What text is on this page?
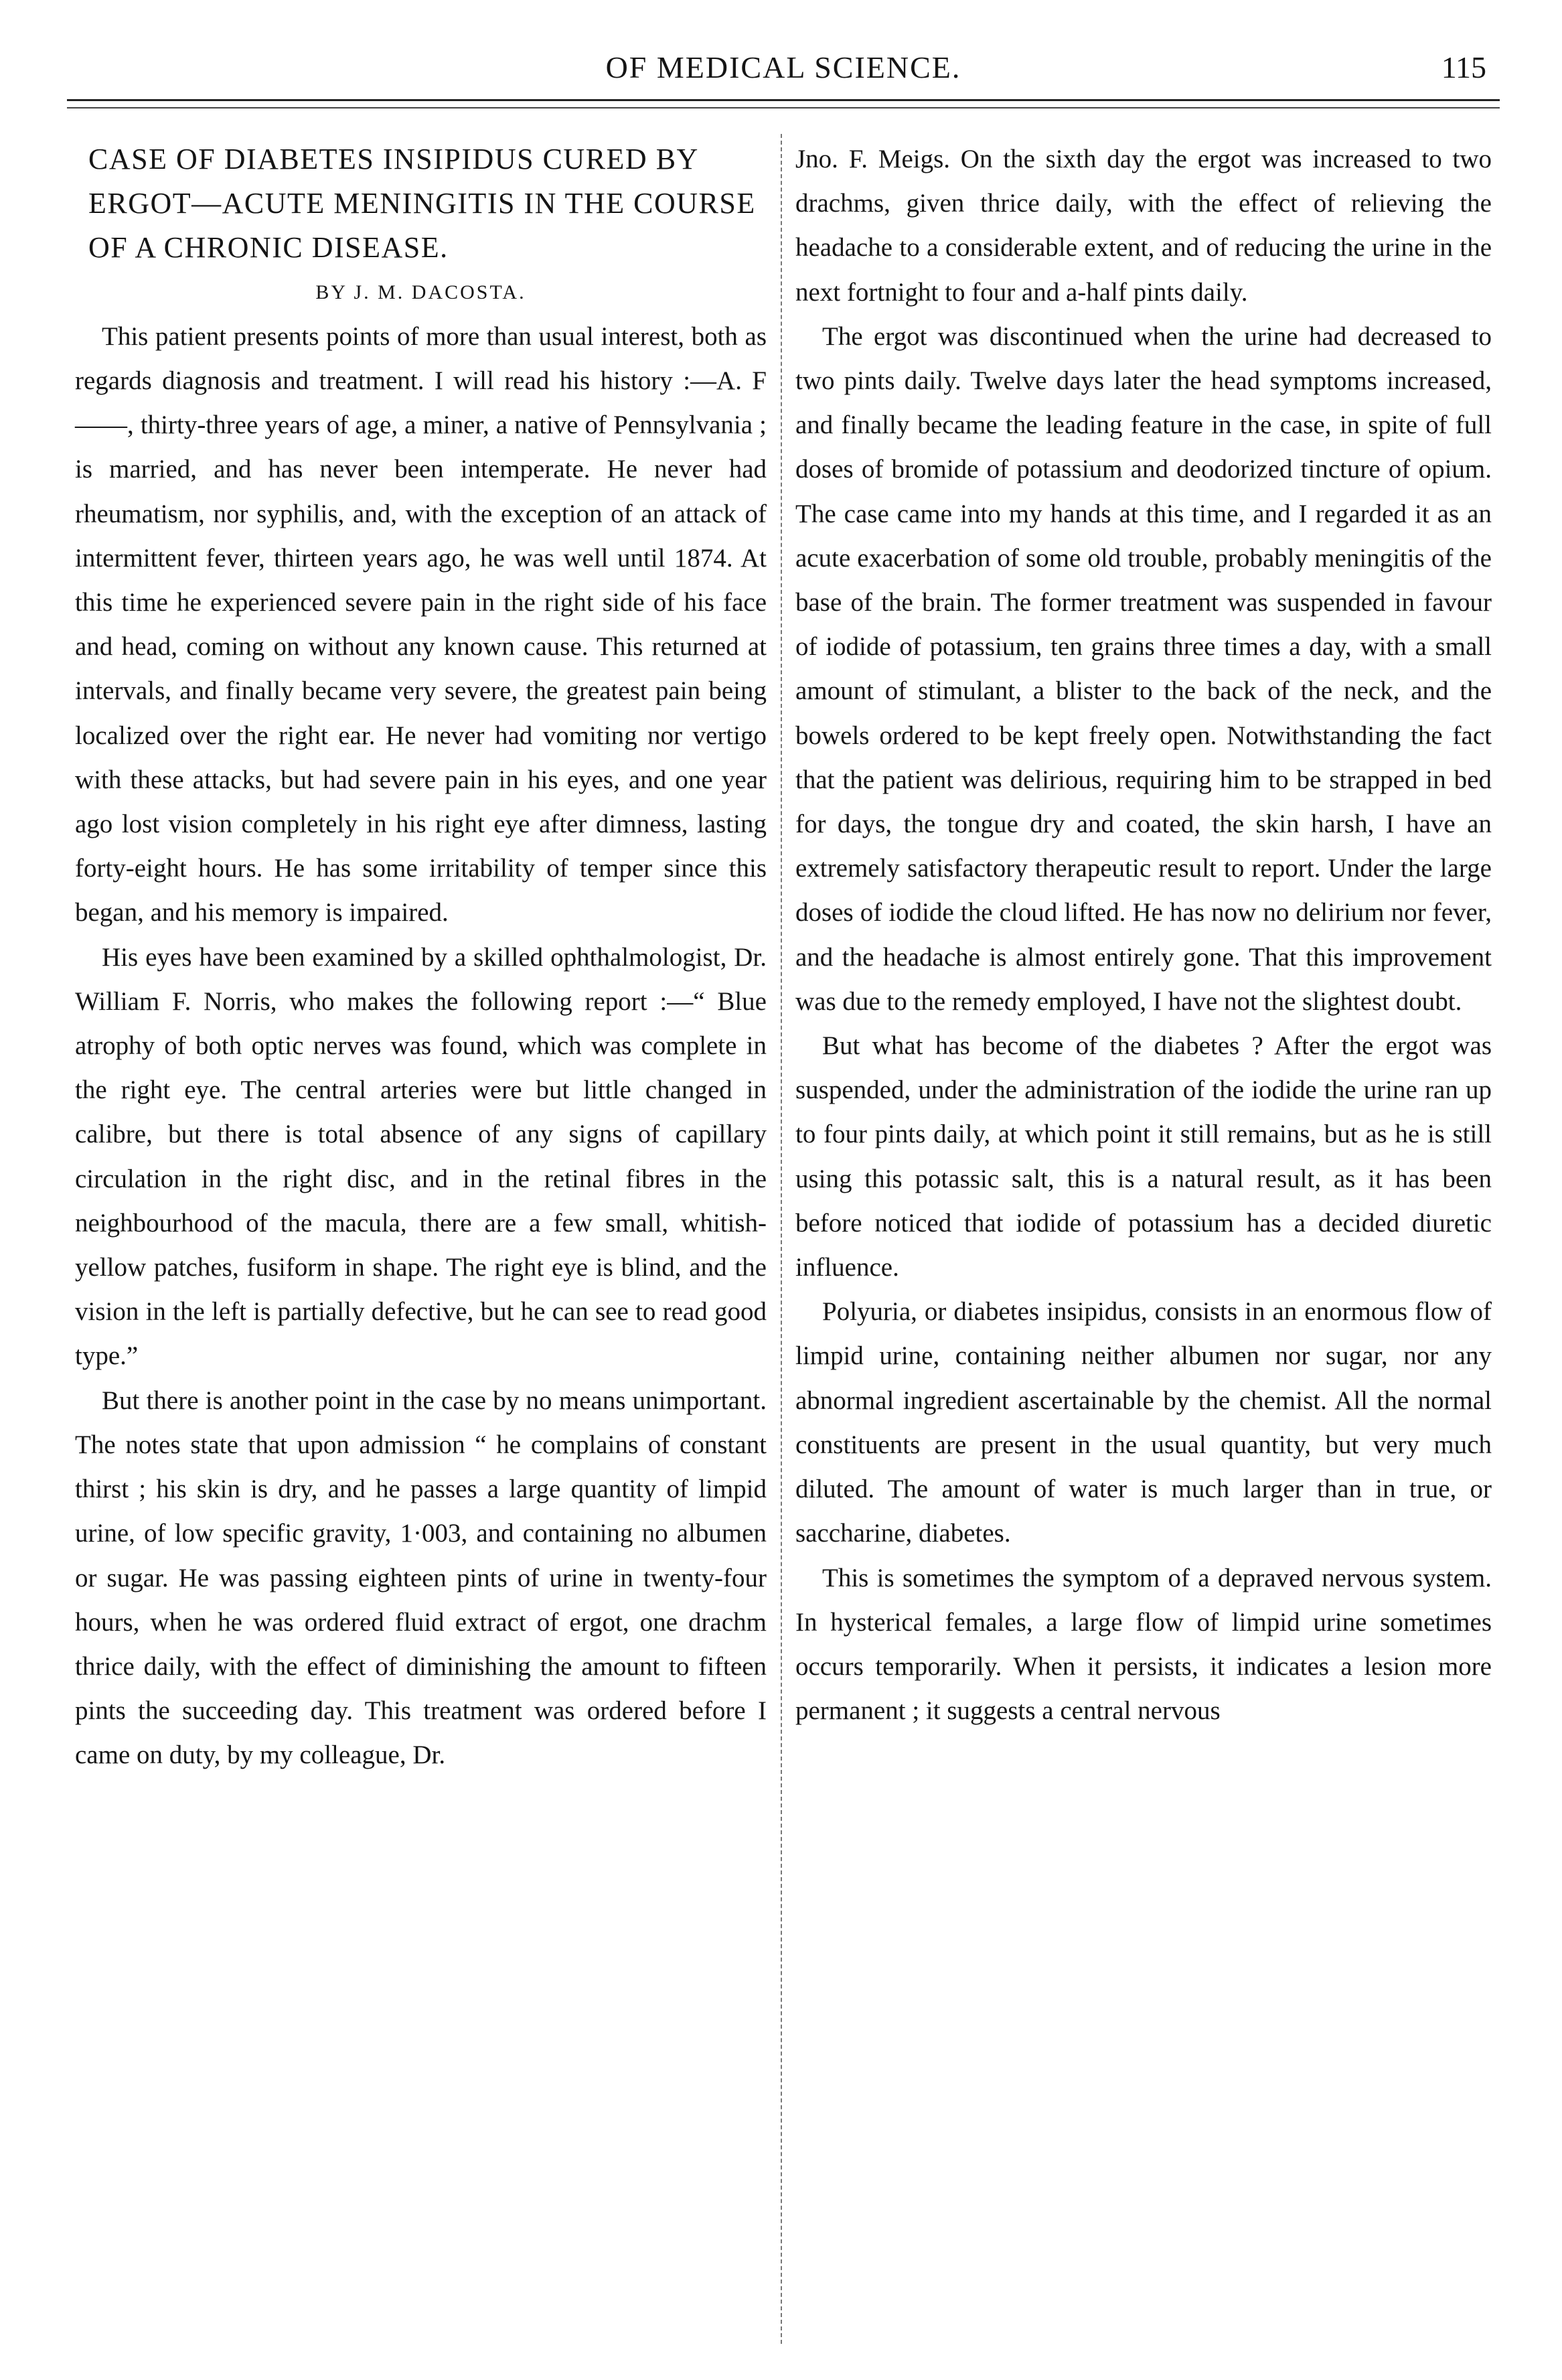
OF MEDICAL SCIENCE.	115
CASE OF DIABETES INSIPIDUS CURED BY ERGOT—ACUTE MENINGITIS IN THE COURSE OF A CHRONIC DISEASE.
BY J. M. DACOSTA.

This patient presents points of more than usual interest, both as regards diagnosis and treatment. I will read his history :—A. F——, thirty-three years of age, a miner, a native of Pennsylvania ; is married, and has never been intemperate. He never had rheumatism, nor syphilis, and, with the exception of an attack of intermittent fever, thirteen years ago, he was well until 1874. At this time he experienced severe pain in the right side of his face and head, coming on without any known cause. This returned at intervals, and finally became very severe, the greatest pain being localized over the right ear. He never had vomiting nor vertigo with these attacks, but had severe pain in his eyes, and one year ago lost vision completely in his right eye after dimness, lasting forty-eight hours. He has some irritability of temper since this began, and his memory is impaired.

His eyes have been examined by a skilled ophthalmologist, Dr. William F. Norris, who makes the following report :—“ Blue atrophy of both optic nerves was found, which was complete in the right eye. The central arteries were but little changed in calibre, but there is total absence of any signs of capillary circulation in the right disc, and in the retinal fibres in the neighbourhood of the macula, there are a few small, whitish-yellow patches, fusiform in shape. The right eye is blind, and the vision in the left is partially defective, but he can see to read good type.”

But there is another point in the case by no means unimportant. The notes state that upon admission “ he complains of constant thirst ; his skin is dry, and he passes a large quantity of limpid urine, of low specific gravity, 1·003, and containing no albumen or sugar. He was passing eighteen pints of urine in twenty-four hours, when he was ordered fluid extract of ergot, one drachm thrice daily, with the effect of diminishing the amount to fifteen pints the succeeding day. This treatment was ordered before I came on duty, by my colleague, Dr.

Jno. F. Meigs. On the sixth day the ergot was increased to two drachms, given thrice daily, with the effect of relieving the headache to a considerable extent, and of reducing the urine in the next fortnight to four and a-half pints daily.

The ergot was discontinued when the urine had decreased to two pints daily. Twelve days later the head symptoms increased, and finally became the leading feature in the case, in spite of full doses of bromide of potassium and deodorized tincture of opium. The case came into my hands at this time, and I regarded it as an acute exacerbation of some old trouble, probably meningitis of the base of the brain. The former treatment was suspended in favour of iodide of potassium, ten grains three times a day, with a small amount of stimulant, a blister to the back of the neck, and the bowels ordered to be kept freely open. Notwithstanding the fact that the patient was delirious, requiring him to be strapped in bed for days, the tongue dry and coated, the skin harsh, I have an extremely satisfactory therapeutic result to report. Under the large doses of iodide the cloud lifted. He has now no delirium nor fever, and the headache is almost entirely gone. That this improvement was due to the remedy employed, I have not the slightest doubt.

But what has become of the diabetes ? After the ergot was suspended, under the administration of the iodide the urine ran up to four pints daily, at which point it still remains, but as he is still using this potassic salt, this is a natural result, as it has been before noticed that iodide of potassium has a decided diuretic influence.

Polyuria, or diabetes insipidus, consists in an enormous flow of limpid urine, containing neither albumen nor sugar, nor any abnormal ingredient ascertainable by the chemist. All the normal constituents are present in the usual quantity, but very much diluted. The amount of water is much larger than in true, or saccharine, diabetes.

This is sometimes the symptom of a depraved nervous system. In hysterical females, a large flow of limpid urine sometimes occurs temporarily. When it persists, it indicates a lesion more permanent ; it suggests a central nervous
